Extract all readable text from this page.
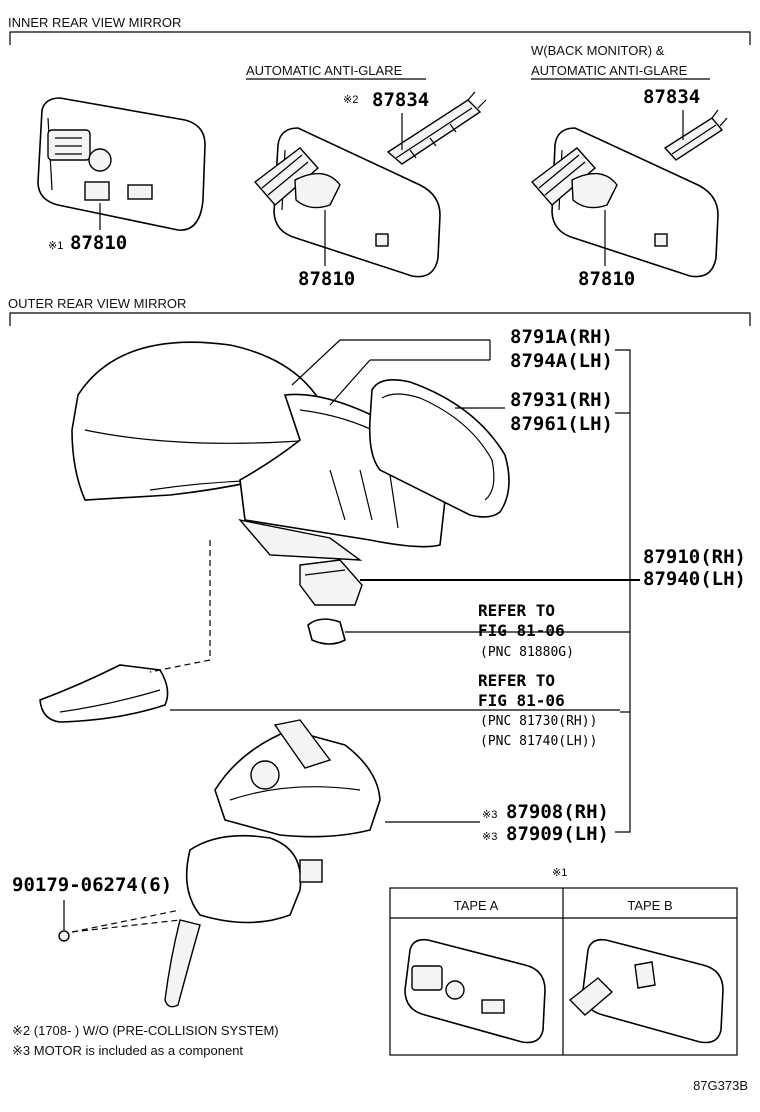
INNER REAR VIEW MIRROR
AUTOMATIC ANTI-GLARE
W(BACK MONITOR) &
AUTOMATIC ANTI-GLARE
※1 87810
87810
※2 87834
87810
87834
OUTER REAR VIEW MIRROR
8791A(RH)
8794A(LH)
87931(RH)
87961(LH)
87910(RH)
87940(LH)
REFER TO
FIG 81-06
(PNC 81880G)
REFER TO
FIG 81-06
(PNC 81730(RH))
(PNC 81740(LH))
※3 87908(RH)
※3 87909(LH)
90179-06274(6)
※1
TAPE A	TAPE B
※2 (1708- ) W/O (PRE-COLLISION SYSTEM)
※3 MOTOR is included as a component
87G373B
